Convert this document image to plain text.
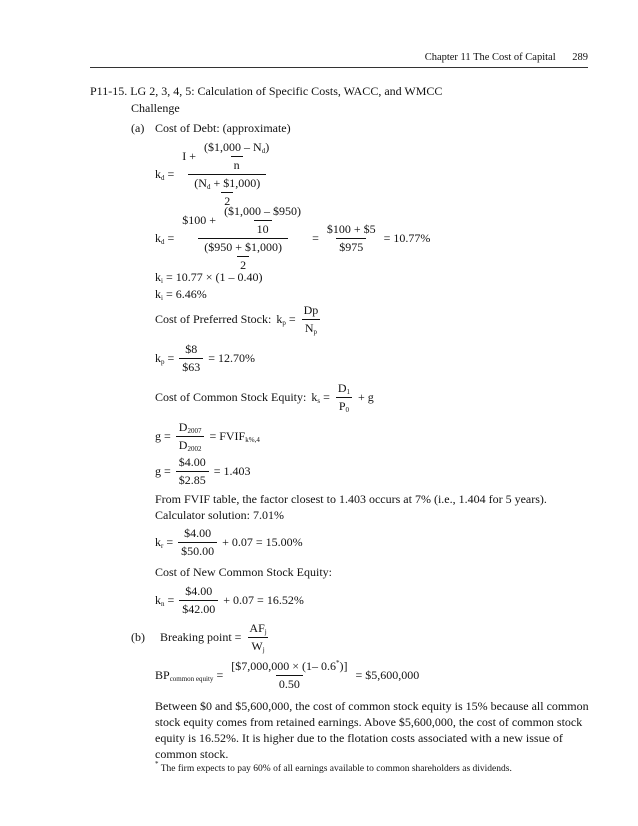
Chapter 11 The Cost of Capital 289
P11-15. LG 2, 3, 4, 5: Calculation of Specific Costs, WACC, and WMCC
Challenge
(a) Cost of Debt: (approximate)
$k_d = \frac{I + \frac{(\$1,000 - N_d)}{n}}{\frac{(N_d + \$1,000)}{2}}$
$k_d = \frac{\$100 + \frac{(\$1,000 - \$950)}{10}}{\frac{(\$950 + \$1,000)}{2}} = \frac{\$100 + \$5}{\$975} = 10.77\%$
$k_i = 10.77 \times (1 - 0.40)$
$k_i = 6.46\%$
Cost of Preferred Stock: $k_p = \frac{Dp}{N_p}$
$k_p = \frac{\$8}{\$63} = 12.70\%$
Cost of Common Stock Equity: $k_s = \frac{D_1}{P_0} + g$
$g = \frac{D_{2007}}{D_{2002}}$ = $FVIF_{k\%,4}$
$g = \frac{\$4.00}{\$2.85} = 1.403$
From FVIF table, the factor closest to 1.403 occurs at 7% (i.e., 1.404 for 5 years). Calculator solution: 7.01%
$k_r = \frac{\$4.00}{\$50.00} + 0.07 = 15.00\%$
Cost of New Common Stock Equity:
$k_n = \frac{\$4.00}{\$42.00} + 0.07 = 16.52\%$
(b)	Breaking point = $\frac{AF_j}{W_j}$
$BP_{common equity} = \frac{[\$7,000,000 \times (1- 0.6^*)]}{0.50}$ = $5,600,000
Between $0 and $5,600,000, the cost of common stock equity is 15% because all common stock equity comes from retained earnings. Above $5,600,000, the cost of common stock equity is 16.52%. It is higher due to the flotation costs associated with a new issue of common stock.
* The firm expects to pay 60% of all earnings available to common shareholders as dividends.
